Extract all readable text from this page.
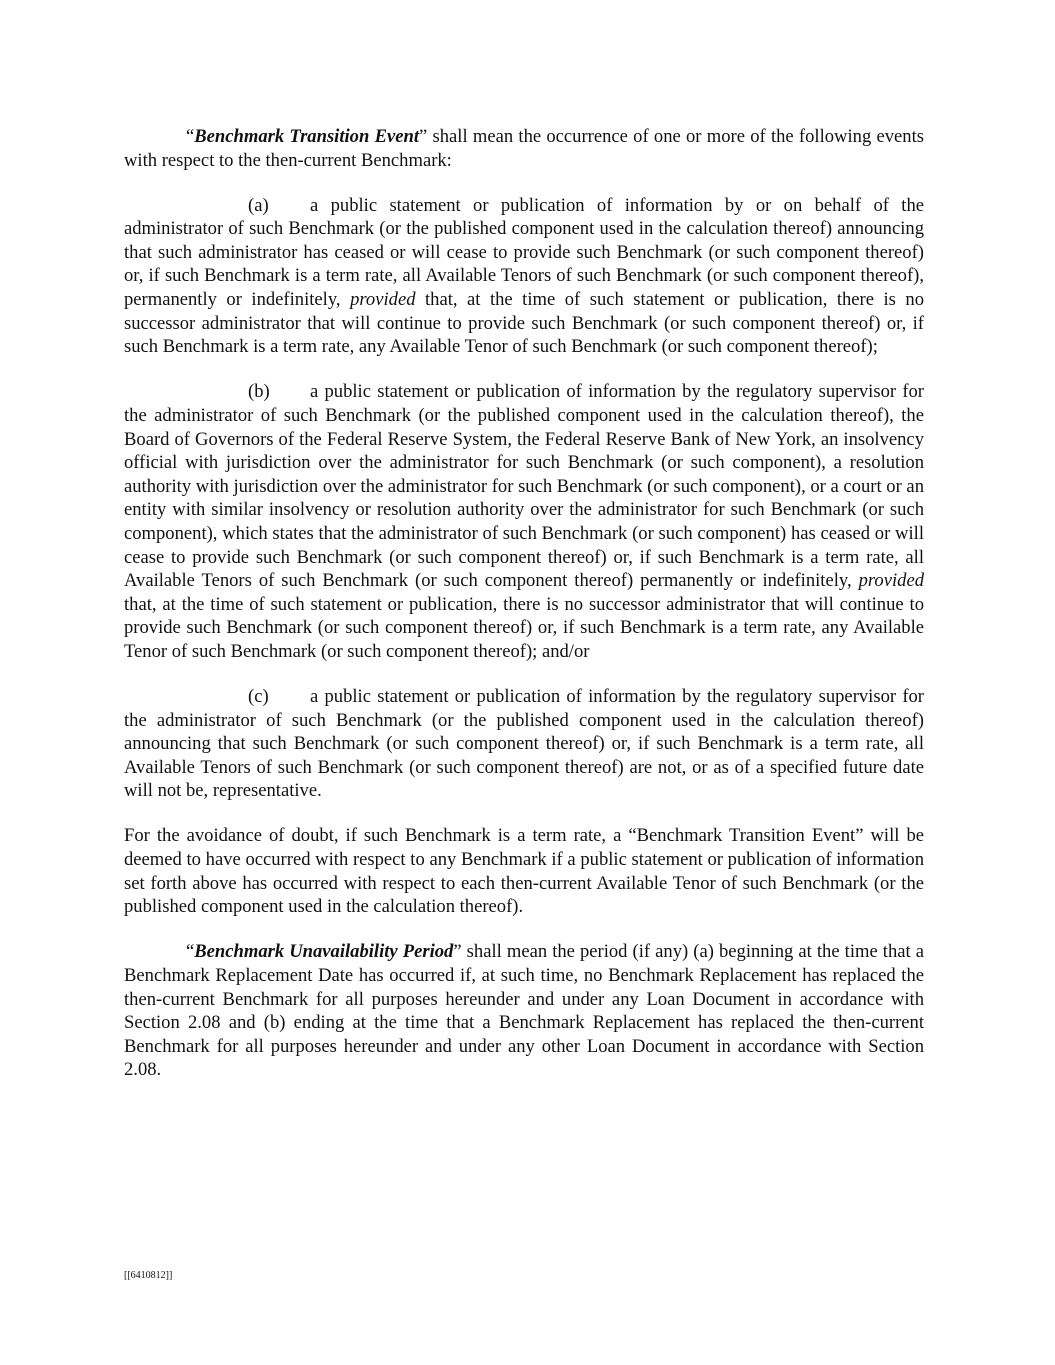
“Benchmark Transition Event” shall mean the occurrence of one or more of the following events with respect to the then-current Benchmark:

(a) a public statement or publication of information by or on behalf of the administrator of such Benchmark (or the published component used in the calculation thereof) announcing that such administrator has ceased or will cease to provide such Benchmark (or such component thereof) or, if such Benchmark is a term rate, all Available Tenors of such Benchmark (or such component thereof), permanently or indefinitely, provided that, at the time of such statement or publication, there is no successor administrator that will continue to provide such Benchmark (or such component thereof) or, if such Benchmark is a term rate, any Available Tenor of such Benchmark (or such component thereof);

(b) a public statement or publication of information by the regulatory supervisor for the administrator of such Benchmark (or the published component used in the calculation thereof), the Board of Governors of the Federal Reserve System, the Federal Reserve Bank of New York, an insolvency official with jurisdiction over the administrator for such Benchmark (or such component), a resolution authority with jurisdiction over the administrator for such Benchmark (or such component), or a court or an entity with similar insolvency or resolution authority over the administrator for such Benchmark (or such component), which states that the administrator of such Benchmark (or such component) has ceased or will cease to provide such Benchmark (or such component thereof) or, if such Benchmark is a term rate, all Available Tenors of such Benchmark (or such component thereof) permanently or indefinitely, provided that, at the time of such statement or publication, there is no successor administrator that will continue to provide such Benchmark (or such component thereof) or, if such Benchmark is a term rate, any Available Tenor of such Benchmark (or such component thereof); and/or

(c) a public statement or publication of information by the regulatory supervisor for the administrator of such Benchmark (or the published component used in the calculation thereof) announcing that such Benchmark (or such component thereof) or, if such Benchmark is a term rate, all Available Tenors of such Benchmark (or such component thereof) are not, or as of a specified future date will not be, representative.

For the avoidance of doubt, if such Benchmark is a term rate, a “Benchmark Transition Event” will be deemed to have occurred with respect to any Benchmark if a public statement or publication of information set forth above has occurred with respect to each then-current Available Tenor of such Benchmark (or the published component used in the calculation thereof).

“Benchmark Unavailability Period” shall mean the period (if any) (a) beginning at the time that a Benchmark Replacement Date has occurred if, at such time, no Benchmark Replacement has replaced the then-current Benchmark for all purposes hereunder and under any Loan Document in accordance with Section 2.08 and (b) ending at the time that a Benchmark Replacement has replaced the then-current Benchmark for all purposes hereunder and under any other Loan Document in accordance with Section 2.08.

[[6410812]]
